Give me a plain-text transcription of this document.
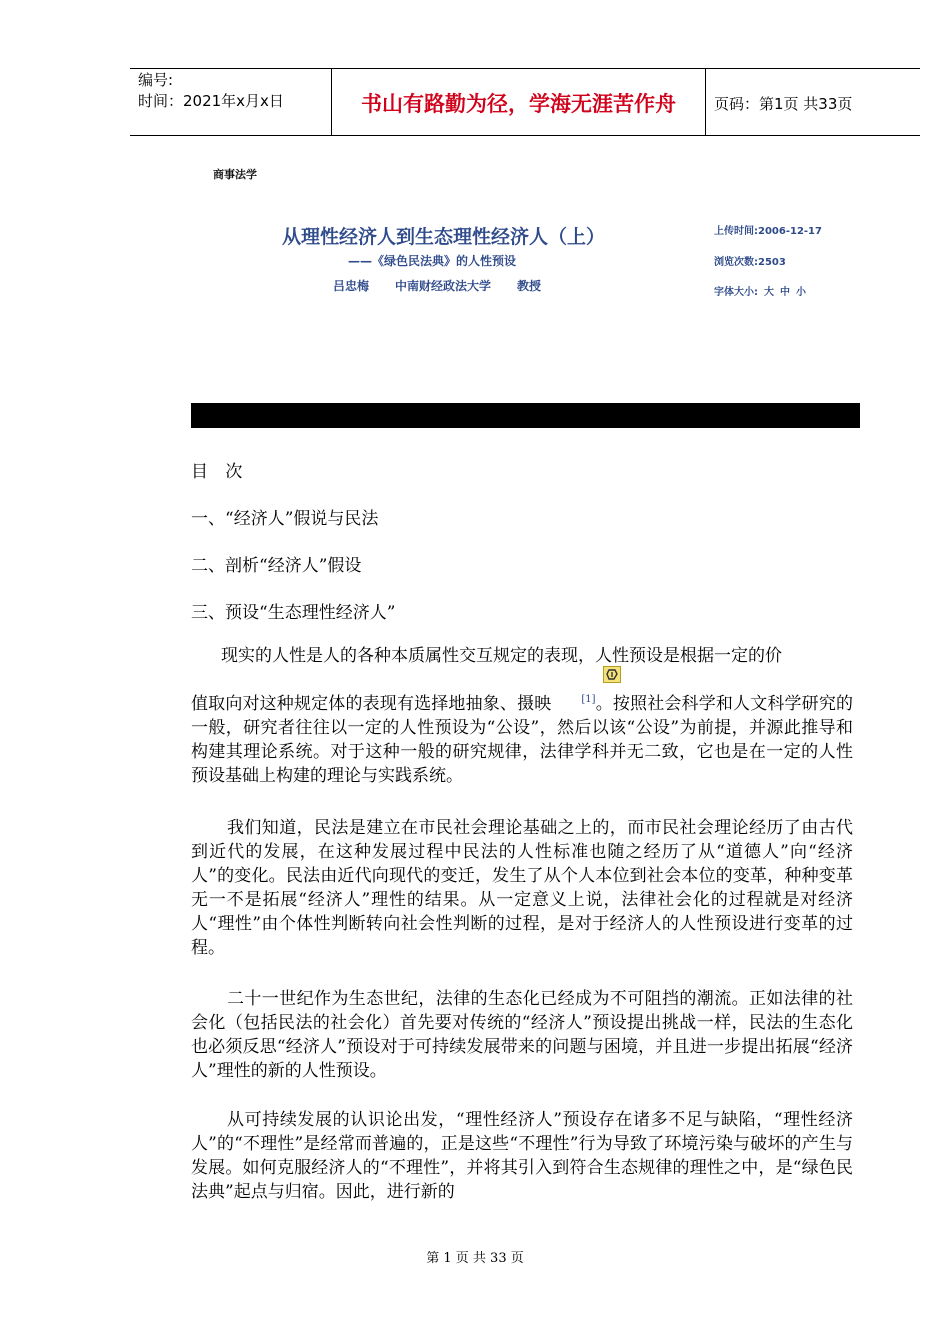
编号:
时间：2021年x月x日	书山有路勤为径，学海无涯苦作舟	页码：第1页 共33页
商事法学
从理性经济人到生态理性经济人（上）
——《绿色民法典》的人性预设
吕忠梅 中南财经政法大学 教授
上传时间:2006-12-17
浏览次数:2503
字体大小: 大 中 小
目 次
一、“经济人”假说与民法
二、剖析“经济人”假设
三、预设“生态理性经济人”
现实的人性是人的各种本质属性交互规定的表现，人性预设是根据一定的价
值取向对这种规定体的表现有选择地抽象、摄映	[1]。按照社会科学和人文科学研究的一般，研究者往往以一定的人性预设为“公设”，然后以该“公设”为前提，并源此推导和构建其理论系统。对于这种一般的研究规律，法律学科并无二致，它也是在一定的人性预设基础上构建的理论与实践系统。
我们知道，民法是建立在市民社会理论基础之上的，而市民社会理论经历了由古代到近代的发展，在这种发展过程中民法的人性标准也随之经历了从“道德人”向“经济人”的变化。民法由近代向现代的变迁，发生了从个人本位到社会本位的变革，种种变革无一不是拓展“经济人”理性的结果。从一定意义上说，法律社会化的过程就是对经济人“理性”由个体性判断转向社会性判断的过程，是对于经济人的人性预设进行变革的过程。
二十一世纪作为生态世纪，法律的生态化已经成为不可阻挡的潮流。正如法律的社会化（包括民法的社会化）首先要对传统的“经济人”预设提出挑战一样，民法的生态化也必须反思“经济人”预设对于可持续发展带来的问题与困境，并且进一步提出拓展“经济人”理性的新的人性预设。
从可持续发展的认识论出发，“理性经济人”预设存在诸多不足与缺陷，“理性经济人”的“不理性”是经常而普遍的，正是这些“不理性”行为导致了环境污染与破坏的产生与发展。如何克服经济人的“不理性”，并将其引入到符合生态规律的理性之中，是“绿色民法典”起点与归宿。因此，进行新的
第 1 页 共 33 页
